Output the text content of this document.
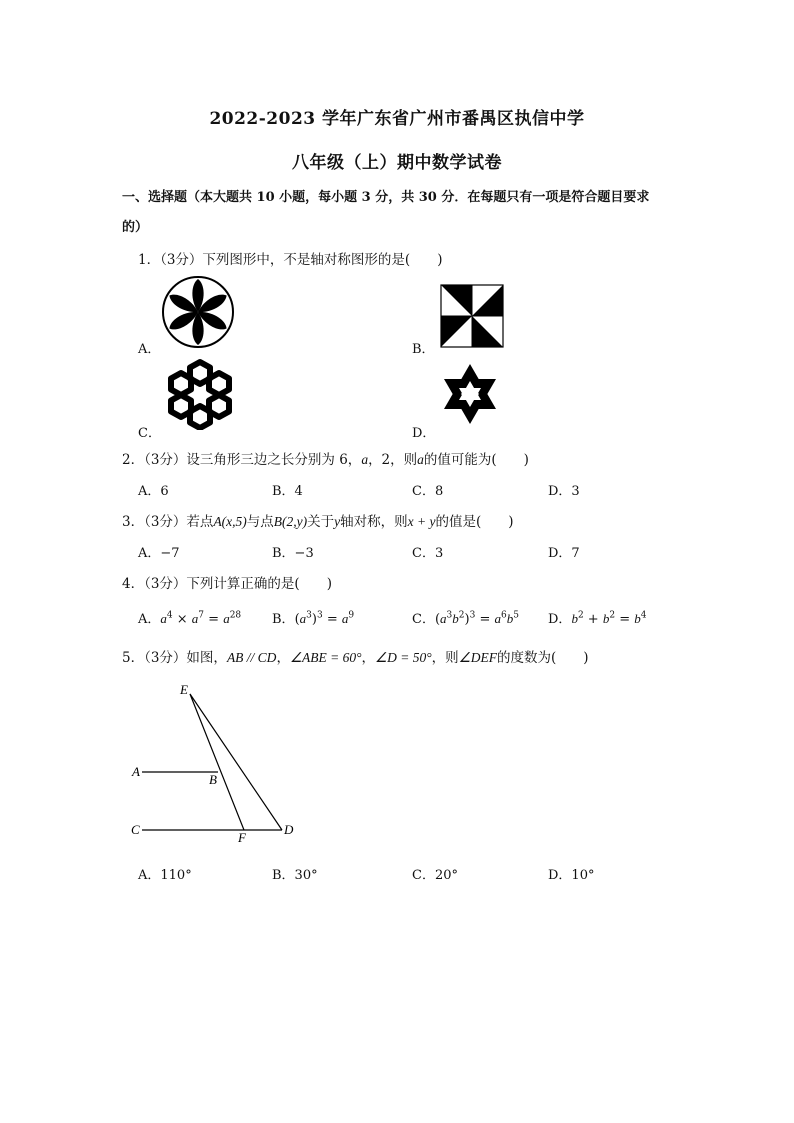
2022-2023 学年广东省广州市番禺区执信中学
八年级（上）期中数学试卷
一、选择题（本大题共 10 小题，每小题 3 分，共 30 分．在每题只有一项是符合题目要求
的）
1．（3分）下列图形中，不是轴对称图形的是(　　)
A．	B．
C．	D．
2．（3分）设三角形三边之长分别为 6，a，2，则a的值可能为(　　)
A．6	B．4	C．8	D．3
3．（3分）若点A(x,5)与点B(2,y)关于y轴对称，则x + y的值是(　　)
A．−7	B．−3	C．3	D．7
4．（3分）下列计算正确的是(　　)
A．$a^4 \times a^7 = a^{28}$ B．$(a^3)^3 = a^9$	C．$(a^3b^2)^3 = a^6b^5$ D．$b^2 + b^2 = b^4$
5．（3分）如图，AB // CD，∠ABE = 60°，∠D = 50°，则∠DEF的度数为(　　)
E
A
B
C
F
D
A．110°	B．30°	C．20°	D．10°
